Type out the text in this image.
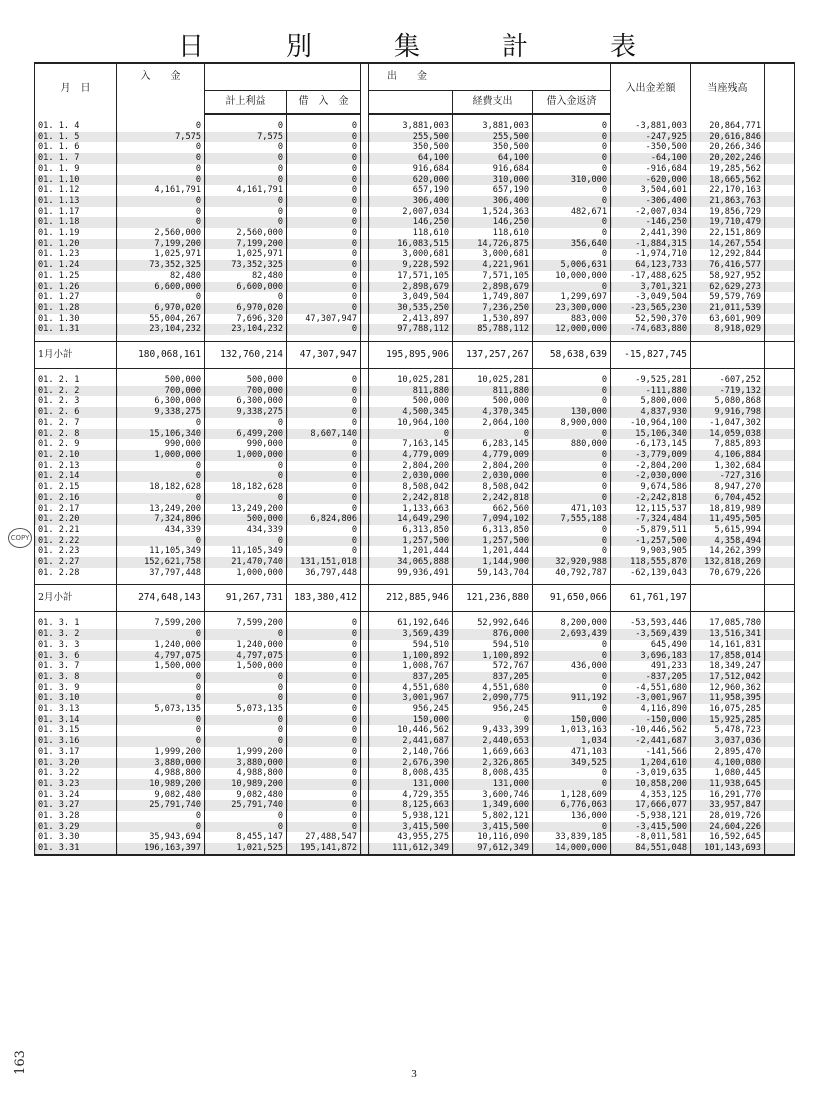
日	別	集	計	表
月　日	入　　金				出　　金			入出金差額	当座残高	
		計上利益	借　入　金			経費支出	借入金返済			

01. 1. 4	0	0	0		3,881,003	3,881,003	0	-3,881,003	20,864,771	
01. 1. 5	7,575	7,575	0		255,500	255,500	0	-247,925	20,616,846	
01. 1. 6	0	0	0		350,500	350,500	0	-350,500	20,266,346	
01. 1. 7	0	0	0		64,100	64,100	0	-64,100	20,202,246	
01. 1. 9	0	0	0		916,684	916,684	0	-916,684	19,285,562	
01. 1.10	0	0	0		620,000	310,000	310,000	-620,000	18,665,562	
01. 1.12	4,161,791	4,161,791	0		657,190	657,190	0	3,504,601	22,170,163	
01. 1.13	0	0	0		306,400	306,400	0	-306,400	21,863,763	
01. 1.17	0	0	0		2,007,034	1,524,363	482,671	-2,007,034	19,856,729	
01. 1.18	0	0	0		146,250	146,250	0	-146,250	19,710,479	
01. 1.19	2,560,000	2,560,000	0		118,610	118,610	0	2,441,390	22,151,869	
01. 1.20	7,199,200	7,199,200	0		16,083,515	14,726,875	356,640	-1,884,315	14,267,554	
01. 1.23	1,025,971	1,025,971	0		3,000,681	3,000,681	0	-1,974,710	12,292,844	
01. 1.24	73,352,325	73,352,325	0		9,228,592	4,221,961	5,006,631	64,123,733	76,416,577	
01. 1.25	82,480	82,480	0		17,571,105	7,571,105	10,000,000	-17,488,625	58,927,952	
01. 1.26	6,600,000	6,600,000	0		2,898,679	2,898,679	0	3,701,321	62,629,273	
01. 1.27	0	0	0		3,049,504	1,749,807	1,299,697	-3,049,504	59,579,769	
01. 1.28	6,970,020	6,970,020	0		30,535,250	7,236,250	23,300,000	-23,565,230	21,011,539	
01. 1.30	55,004,267	7,696,320	47,307,947		2,413,897	1,530,897	883,000	52,590,370	63,601,909	
01. 1.31	23,104,232	23,104,232	0		97,788,112	85,788,112	12,000,000	-74,683,880	8,918,029	

1月小計	180,068,161	132,760,214	47,307,947		195,895,906	137,257,267	58,638,639	-15,827,745		

01. 2. 1	500,000	500,000	0		10,025,281	10,025,281	0	-9,525,281	-607,252	
01. 2. 2	700,000	700,000	0		811,880	811,880	0	-111,880	-719,132	
01. 2. 3	6,300,000	6,300,000	0		500,000	500,000	0	5,800,000	5,080,868	
01. 2. 6	9,338,275	9,338,275	0		4,500,345	4,370,345	130,000	4,837,930	9,916,798	
01. 2. 7	0	0	0		10,964,100	2,064,100	8,900,000	-10,964,100	-1,047,302	
01. 2. 8	15,106,340	6,499,200	8,607,140		0	0	0	15,106,340	14,059,038	
01. 2. 9	990,000	990,000	0		7,163,145	6,283,145	880,000	-6,173,145	7,885,893	
01. 2.10	1,000,000	1,000,000	0		4,779,009	4,779,009	0	-3,779,009	4,106,884	
01. 2.13	0	0	0		2,804,200	2,804,200	0	-2,804,200	1,302,684	
01. 2.14	0	0	0		2,030,000	2,030,000	0	-2,030,000	-727,316	
01. 2.15	18,182,628	18,182,628	0		8,508,042	8,508,042	0	9,674,586	8,947,270	
01. 2.16	0	0	0		2,242,818	2,242,818	0	-2,242,818	6,704,452	
01. 2.17	13,249,200	13,249,200	0		1,133,663	662,560	471,103	12,115,537	18,819,989	
01. 2.20	7,324,806	500,000	6,824,806		14,649,290	7,094,102	7,555,188	-7,324,484	11,495,505	
01. 2.21	434,339	434,339	0		6,313,850	6,313,850	0	-5,879,511	5,615,994	
01. 2.22	0	0	0		1,257,500	1,257,500	0	-1,257,500	4,358,494	
01. 2.23	11,105,349	11,105,349	0		1,201,444	1,201,444	0	9,903,905	14,262,399	
01. 2.27	152,621,758	21,470,740	131,151,018		34,065,888	1,144,900	32,920,988	118,555,870	132,818,269	
01. 2.28	37,797,448	1,000,000	36,797,448		99,936,491	59,143,704	40,792,787	-62,139,043	70,679,226	

2月小計	274,648,143	91,267,731	183,380,412		212,885,946	121,236,880	91,650,066	61,761,197		

01. 3. 1	7,599,200	7,599,200	0		61,192,646	52,992,646	8,200,000	-53,593,446	17,085,780	
01. 3. 2	0	0	0		3,569,439	876,000	2,693,439	-3,569,439	13,516,341	
01. 3. 3	1,240,000	1,240,000	0		594,510	594,510	0	645,490	14,161,831	
01. 3. 6	4,797,075	4,797,075	0		1,100,892	1,100,892	0	3,696,183	17,858,014	
01. 3. 7	1,500,000	1,500,000	0		1,008,767	572,767	436,000	491,233	18,349,247	
01. 3. 8	0	0	0		837,205	837,205	0	-837,205	17,512,042	
01. 3. 9	0	0	0		4,551,680	4,551,680	0	-4,551,680	12,960,362	
01. 3.10	0	0	0		3,001,967	2,090,775	911,192	-3,001,967	11,958,395	
01. 3.13	5,073,135	5,073,135	0		956,245	956,245	0	4,116,890	16,075,285	
01. 3.14	0	0	0		150,000	0	150,000	-150,000	15,925,285	
01. 3.15	0	0	0		10,446,562	9,433,399	1,013,163	-10,446,562	5,478,723	
01. 3.16	0	0	0		2,441,687	2,440,653	1,034	-2,441,687	3,037,036	
01. 3.17	1,999,200	1,999,200	0		2,140,766	1,669,663	471,103	-141,566	2,895,470	
01. 3.20	3,880,000	3,880,000	0		2,676,390	2,326,865	349,525	1,204,610	4,100,080	
01. 3.22	4,988,800	4,988,800	0		8,008,435	8,008,435	0	-3,019,635	1,080,445	
01. 3.23	10,989,200	10,989,200	0		131,000	131,000	0	10,858,200	11,938,645	
01. 3.24	9,082,480	9,082,480	0		4,729,355	3,600,746	1,128,609	4,353,125	16,291,770	
01. 3.27	25,791,740	25,791,740	0		8,125,663	1,349,600	6,776,063	17,666,077	33,957,847	
01. 3.28	0	0	0		5,938,121	5,802,121	136,000	-5,938,121	28,019,726	
01. 3.29	0	0	0		3,415,500	3,415,500	0	-3,415,500	24,604,226	
01. 3.30	35,943,694	8,455,147	27,488,547		43,955,275	10,116,090	33,839,185	-8,011,581	16,592,645	
01. 3.31	196,163,397	1,021,525	195,141,872		111,612,349	97,612,349	14,000,000	84,551,048	101,143,693	
COPY
3
163
